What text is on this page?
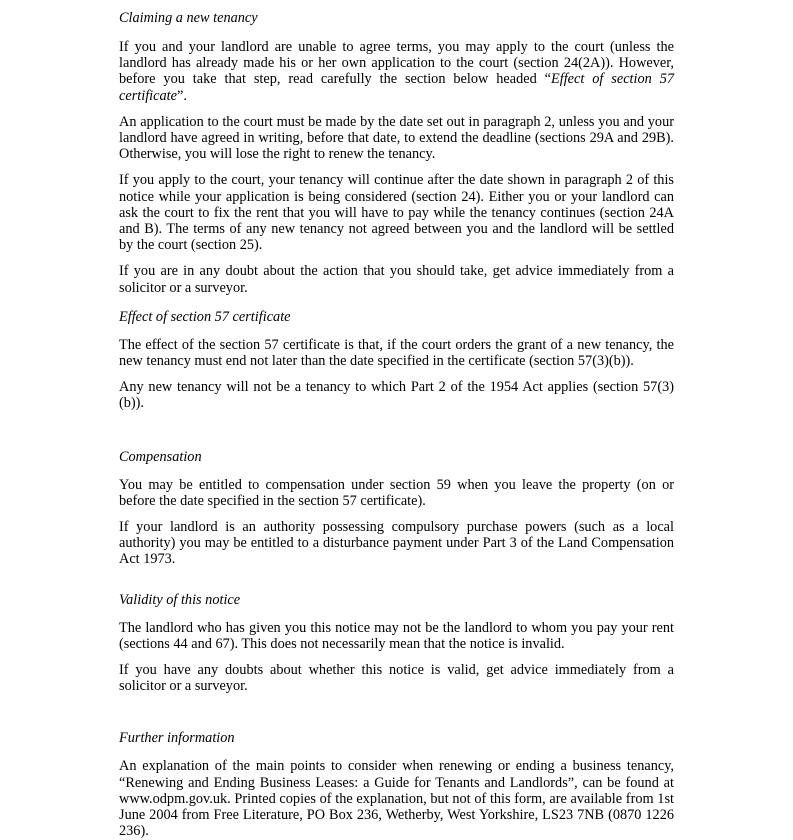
Claiming a new tenancy

If you and your landlord are unable to agree terms, you may apply to the court (unless the landlord has already made his or her own application to the court (section 24(2A)). However, before you take that step, read carefully the section below headed “Effect of section 57 certificate”.

An application to the court must be made by the date set out in paragraph 2, unless you and your landlord have agreed in writing, before that date, to extend the deadline (sections 29A and 29B). Otherwise, you will lose the right to renew the tenancy.

If you apply to the court, your tenancy will continue after the date shown in paragraph 2 of this notice while your application is being considered (section 24). Either you or your landlord can ask the court to fix the rent that you will have to pay while the tenancy continues (section 24A and B). The terms of any new tenancy not agreed between you and the landlord will be settled by the court (section 25).

If you are in any doubt about the action that you should take, get advice immediately from a solicitor or a surveyor.

Effect of section 57 certificate

The effect of the section 57 certificate is that, if the court orders the grant of a new tenancy, the new tenancy must end not later than the date specified in the certificate (section 57(3)(b)).

Any new tenancy will not be a tenancy to which Part 2 of the 1954 Act applies (section 57(3)(b)).

Compensation

You may be entitled to compensation under section 59 when you leave the property (on or before the date specified in the section 57 certificate).

If your landlord is an authority possessing compulsory purchase powers (such as a local authority) you may be entitled to a disturbance payment under Part 3 of the Land Compensation Act 1973.

Validity of this notice

The landlord who has given you this notice may not be the landlord to whom you pay your rent (sections 44 and 67). This does not necessarily mean that the notice is invalid.

If you have any doubts about whether this notice is valid, get advice immediately from a solicitor or a surveyor.

Further information

An explanation of the main points to consider when renewing or ending a business tenancy, “Renewing and Ending Business Leases: a Guide for Tenants and Landlords”, can be found at www.odpm.gov.uk. Printed copies of the explanation, but not of this form, are available from 1st June 2004 from Free Literature, PO Box 236, Wetherby, West Yorkshire, LS23 7NB (0870 1226 236).
